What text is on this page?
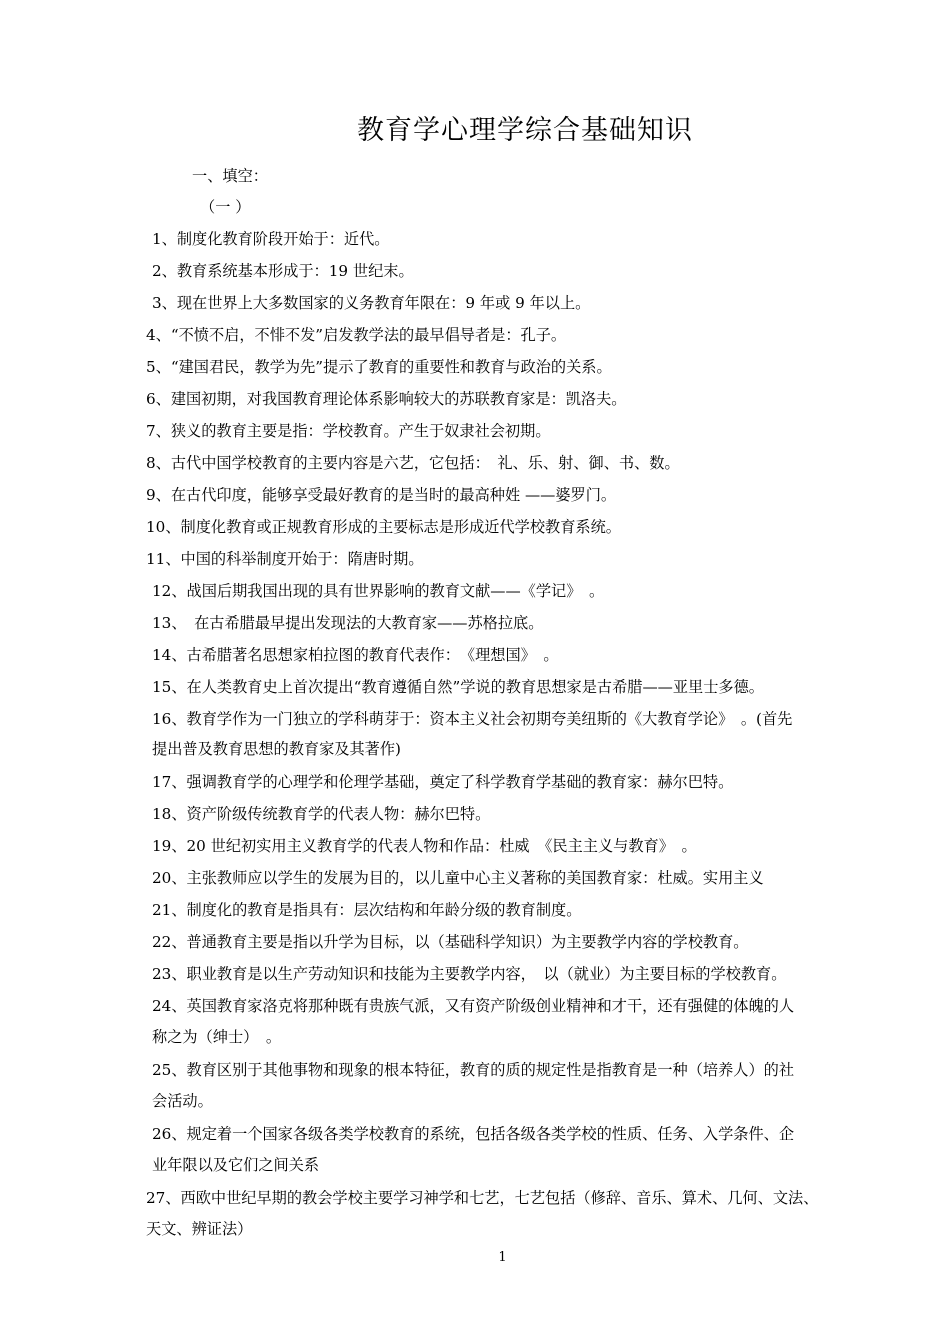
教育学心理学综合基础知识
一、填空：
（一 ）
1、制度化教育阶段开始于：近代。
2、教育系统基本形成于：19 世纪末。
3、现在世界上大多数国家的义务教育年限在：9 年或 9 年以上。
4、“不愤不启，不悱不发”启发教学法的最早倡导者是：孔子。
5、“建国君民，教学为先”提示了教育的重要性和教育与政治的关系。
6、建国初期，对我国教育理论体系影响较大的苏联教育家是：凯洛夫。
7、狭义的教育主要是指：学校教育。产生于奴隶社会初期。
8、古代中国学校教育的主要内容是六艺，它包括：　礼、乐、射、御、书、数。
9、在古代印度，能够享受最好教育的是当时的最高种姓 ——婆罗门。
10、制度化教育或正规教育形成的主要标志是形成近代学校教育系统。
11、中国的科举制度开始于：隋唐时期。
12、战国后期我国出现的具有世界影响的教育文献——《学记》　。
13、　在古希腊最早提出发现法的大教育家——苏格拉底。
14、古希腊著名思想家柏拉图的教育代表作：　《理想国》　。
15、在人类教育史上首次提出“教育遵循自然”学说的教育思想家是古希腊——亚里士多德。
16、教育学作为一门独立的学科萌芽于：资本主义社会初期夸美纽斯的《大教育学论》　。(首先
提出普及教育思想的教育家及其著作)
17、强调教育学的心理学和伦理学基础，奠定了科学教育学基础的教育家：赫尔巴特。
18、资产阶级传统教育学的代表人物：赫尔巴特。
19、20 世纪初实用主义教育学的代表人物和作品：杜威　《民主主义与教育》　。
20、主张教师应以学生的发展为目的，以儿童中心主义著称的美国教育家：杜威。实用主义
21、制度化的教育是指具有：层次结构和年龄分级的教育制度。
22、普通教育主要是指以升学为目标，以（基础科学知识）为主要教学内容的学校教育。
23、职业教育是以生产劳动知识和技能为主要教学内容，　以（就业）为主要目标的学校教育。
24、英国教育家洛克将那种既有贵族气派，又有资产阶级创业精神和才干，还有强健的体魄的人
称之为（绅士）　。
25、教育区别于其他事物和现象的根本特征，教育的质的规定性是指教育是一种（培养人）的社
会活动。
26、规定着一个国家各级各类学校教育的系统，包括各级各类学校的性质、任务、入学条件、企
业年限以及它们之间关系
27、西欧中世纪早期的教会学校主要学习神学和七艺，七艺包括（修辞、音乐、算术、几何、文法、
天文、辨证法）
1
